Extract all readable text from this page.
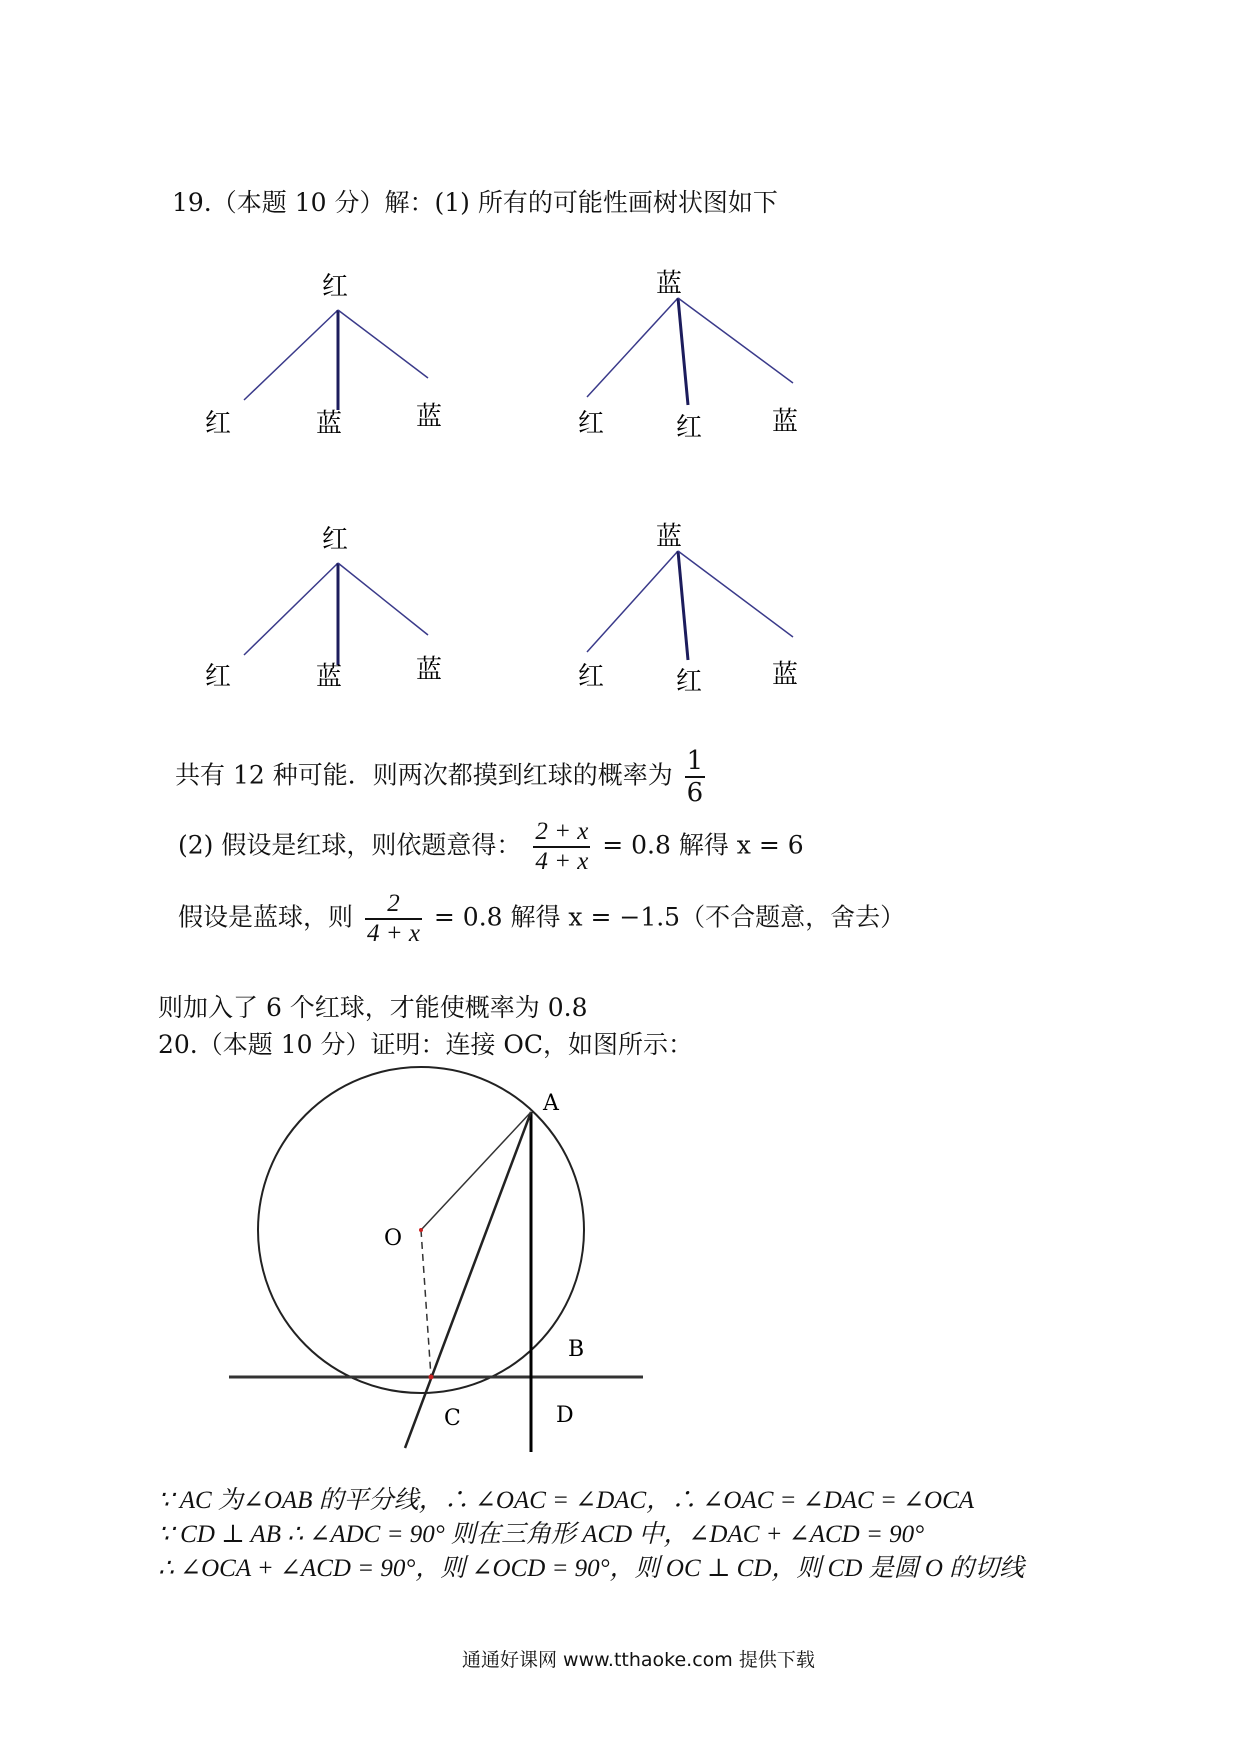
19.（本题 10 分）解：(1) 所有的可能性画树状图如下
红
红	蓝	蓝
蓝
红	红	蓝
红
红	蓝	蓝
蓝
红	红	蓝
共有 12 种可能．则两次都摸到红球的概率为 $\frac{1}{6}$
(2) 假设是红球，则依题意得： $\frac{2 + x}{4 + x} = 0.8$ 解得 x = 6
假设是蓝球，则 $\frac{2}{4 + x} = 0.8$ 解得 x = −1.5（不合题意，舍去）
则加入了 6 个红球，才能使概率为 0.8
20.（本题 10 分）证明：连接 OC，如图所示：
A
O
B
C	D
∵ AC 为∠OAB 的平分线，∴ ∠OAC = ∠DAC，∴ ∠OAC = ∠DAC = ∠OCA
∵ CD ⊥ AB ∴ ∠ADC = 90° 则在三角形 ACD 中，∠DAC + ∠ACD = 90°
∴ ∠OCA + ∠ACD = 90°，则 ∠OCD = 90°，则 OC ⊥ CD，则 CD 是圆 O 的切线
通通好课网 www.tthaoke.com 提供下载
